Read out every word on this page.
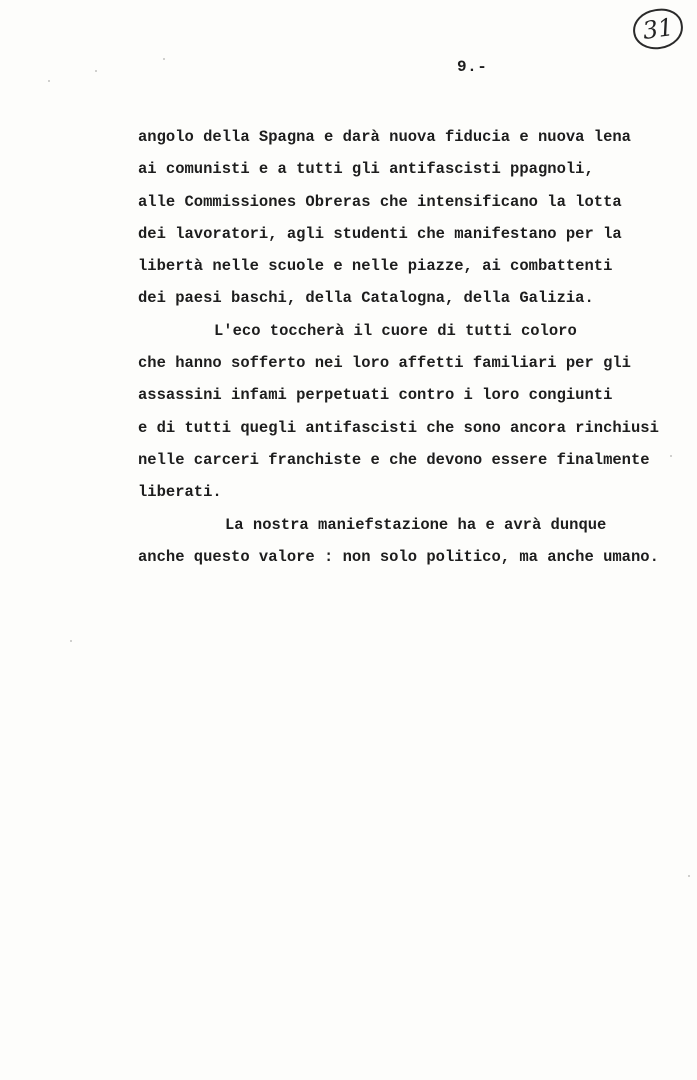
31
9.-
angolo della Spagna e darà nuova fiducia e nuova lena
ai comunisti e a tutti gli antifascisti ppagnoli,
alle Commissiones Obreras che intensificano la lotta
dei lavoratori, agli studenti che manifestano per la
libertà nelle scuole e nelle piazze, ai combattenti
dei paesi baschi, della Catalogna, della Galizia.
L'eco toccherà il cuore di tutti coloro
che hanno sofferto nei loro affetti familiari per gli
assassini infami perpetuati contro i loro congiunti
e di tutti quegli antifascisti che sono ancora rinchiusi
nelle carceri franchiste e che devono essere finalmente
liberati.
La nostra maniefstazione ha e avrà dunque
anche questo valore : non solo politico, ma anche umano.
